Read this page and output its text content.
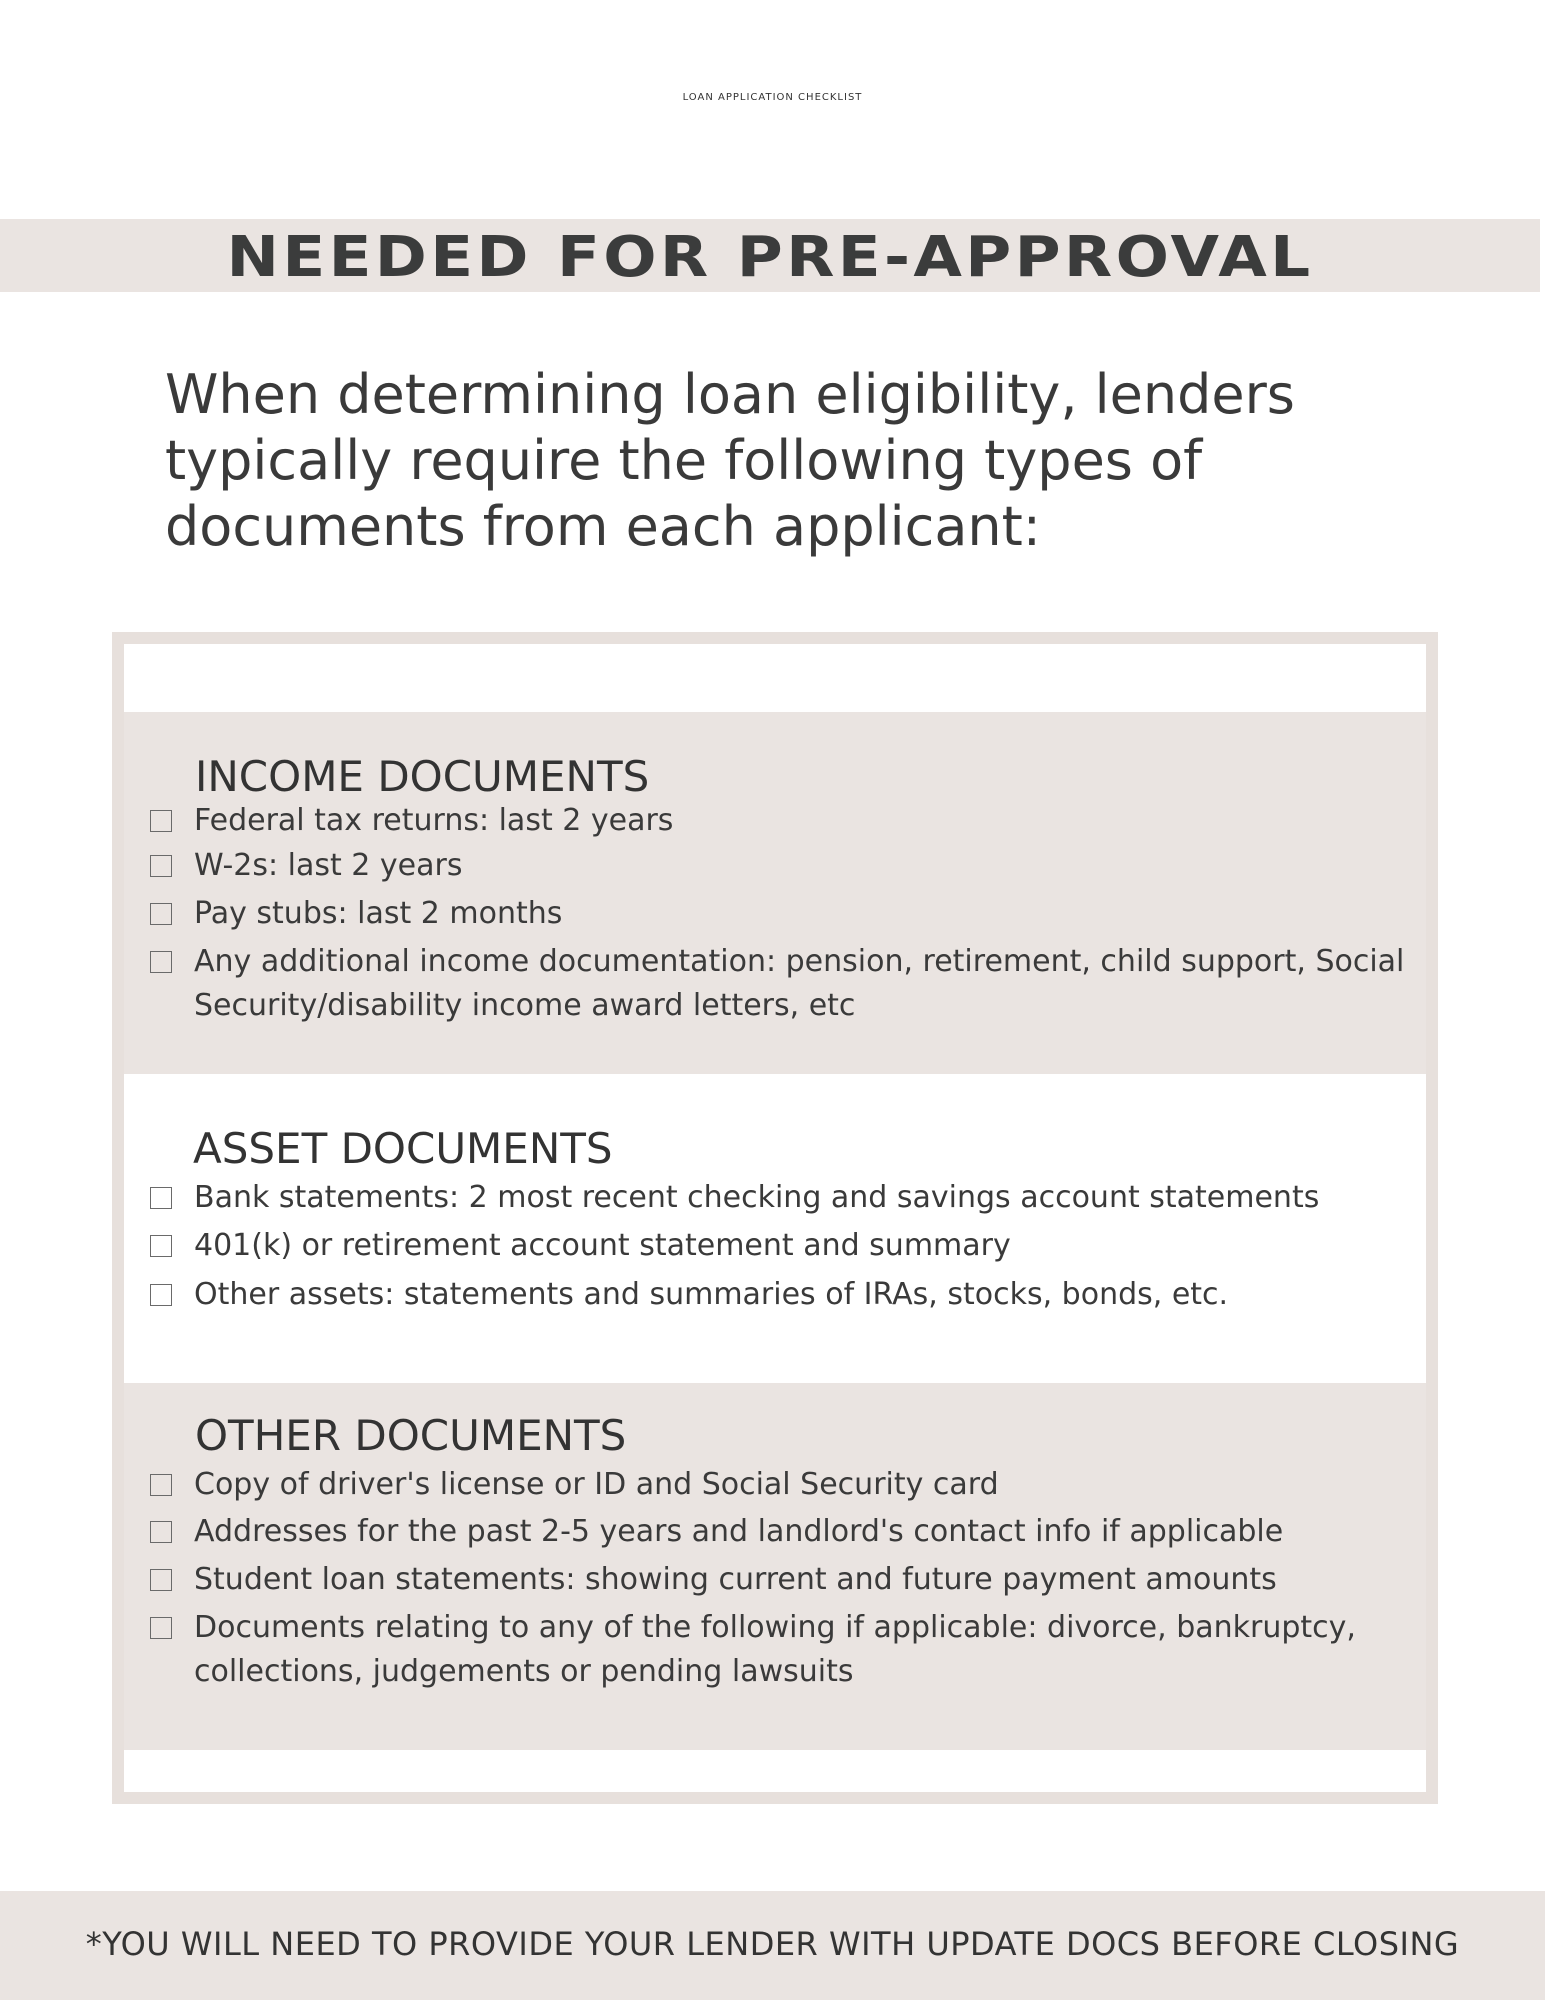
LOAN APPLICATION CHECKLIST
NEEDED FOR PRE-APPROVAL
When determining loan eligibility, lenders typically require the following types of documents from each applicant:
INCOME DOCUMENTS
Federal tax returns: last 2 years
W-2s: last 2 years
Pay stubs: last 2 months
Any additional income documentation: pension, retirement, child support, Social Security/disability income award letters, etc
ASSET DOCUMENTS
Bank statements: 2 most recent checking and savings account statements
401(k) or retirement account statement and summary
Other assets: statements and summaries of IRAs, stocks, bonds, etc.
OTHER DOCUMENTS
Copy of driver's license or ID and Social Security card
Addresses for the past 2-5 years and landlord's contact info if applicable
Student loan statements: showing current and future payment amounts
Documents relating to any of the following if applicable: divorce, bankruptcy, collections, judgements or pending lawsuits
*YOU WILL NEED TO PROVIDE YOUR LENDER WITH UPDATE DOCS BEFORE CLOSING
